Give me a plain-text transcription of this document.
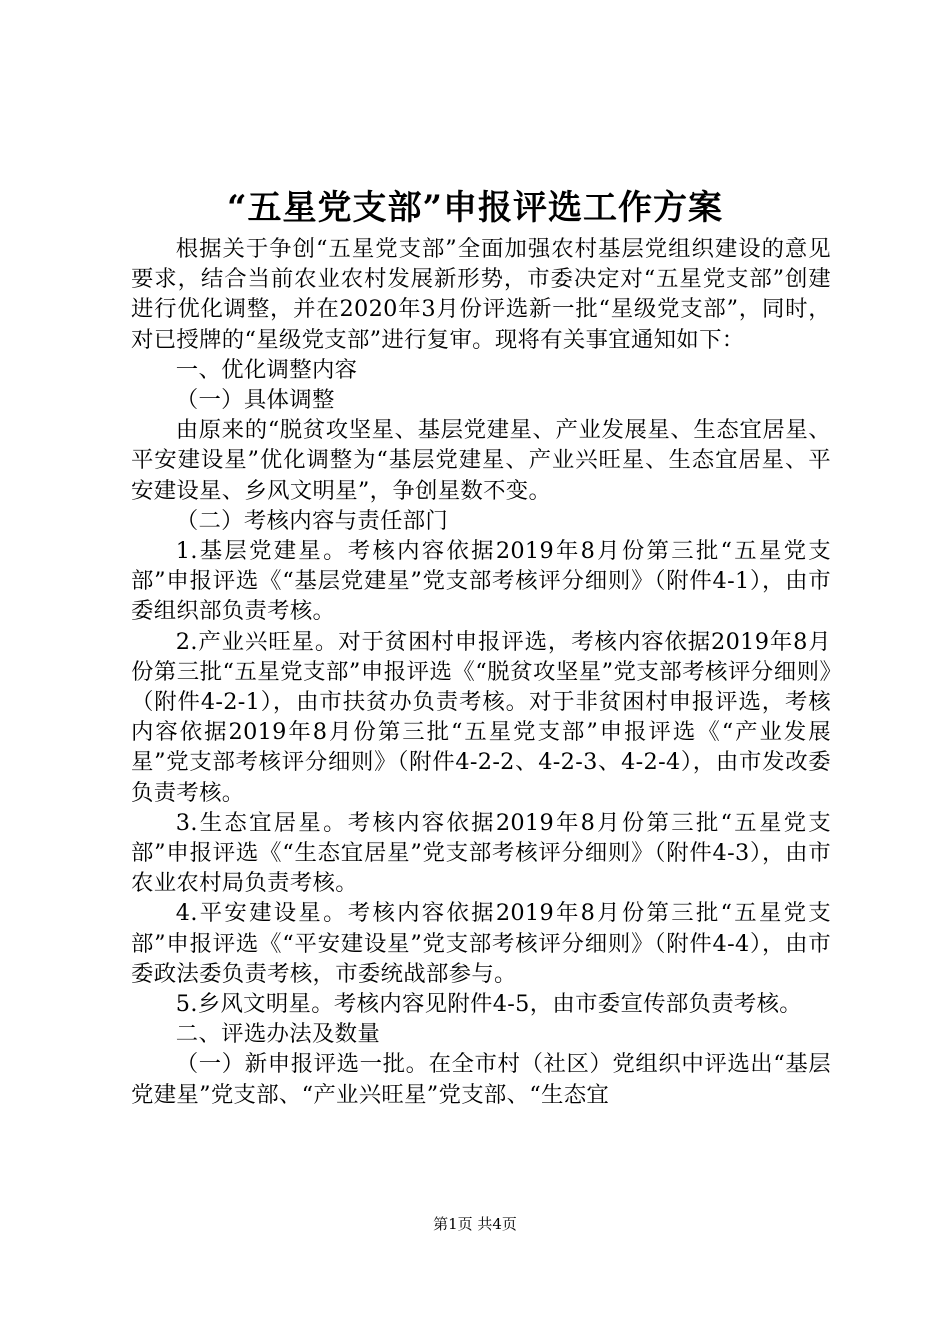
“五星党支部”申报评选工作方案

根据关于争创“五星党支部”全面加强农村基层党组织建设的意见要求，结合当前农业农村发展新形势，市委决定对“五星党支部”创建进行优化调整，并在2020年3月份评选新一批“星级党支部”，同时，对已授牌的“星级党支部”进行复审。现将有关事宜通知如下：

一、优化调整内容

（一）具体调整

由原来的“脱贫攻坚星、基层党建星、产业发展星、生态宜居星、平安建设星”优化调整为“基层党建星、产业兴旺星、生态宜居星、平安建设星、乡风文明星”，争创星数不变。

（二）考核内容与责任部门

1.基层党建星。考核内容依据2019年8月份第三批“五星党支部”申报评选《“基层党建星”党支部考核评分细则》（附件4-1），由市委组织部负责考核。

2.产业兴旺星。对于贫困村申报评选，考核内容依据2019年8月份第三批“五星党支部”申报评选《“脱贫攻坚星”党支部考核评分细则》（附件4-2-1），由市扶贫办负责考核。对于非贫困村申报评选，考核内容依据2019年8月份第三批“五星党支部”申报评选《“产业发展星”党支部考核评分细则》（附件4-2-2、4-2-3、4-2-4），由市发改委负责考核。

3.生态宜居星。考核内容依据2019年8月份第三批“五星党支部”申报评选《“生态宜居星”党支部考核评分细则》（附件4-3），由市农业农村局负责考核。

4.平安建设星。考核内容依据2019年8月份第三批“五星党支部”申报评选《“平安建设星”党支部考核评分细则》（附件4-4），由市委政法委负责考核，市委统战部参与。

5.乡风文明星。考核内容见附件4-5，由市委宣传部负责考核。

二、评选办法及数量

（一）新申报评选一批。在全市村（社区）党组织中评选出“基层党建星”党支部、“产业兴旺星”党支部、“生态宜

第1页 共4页
